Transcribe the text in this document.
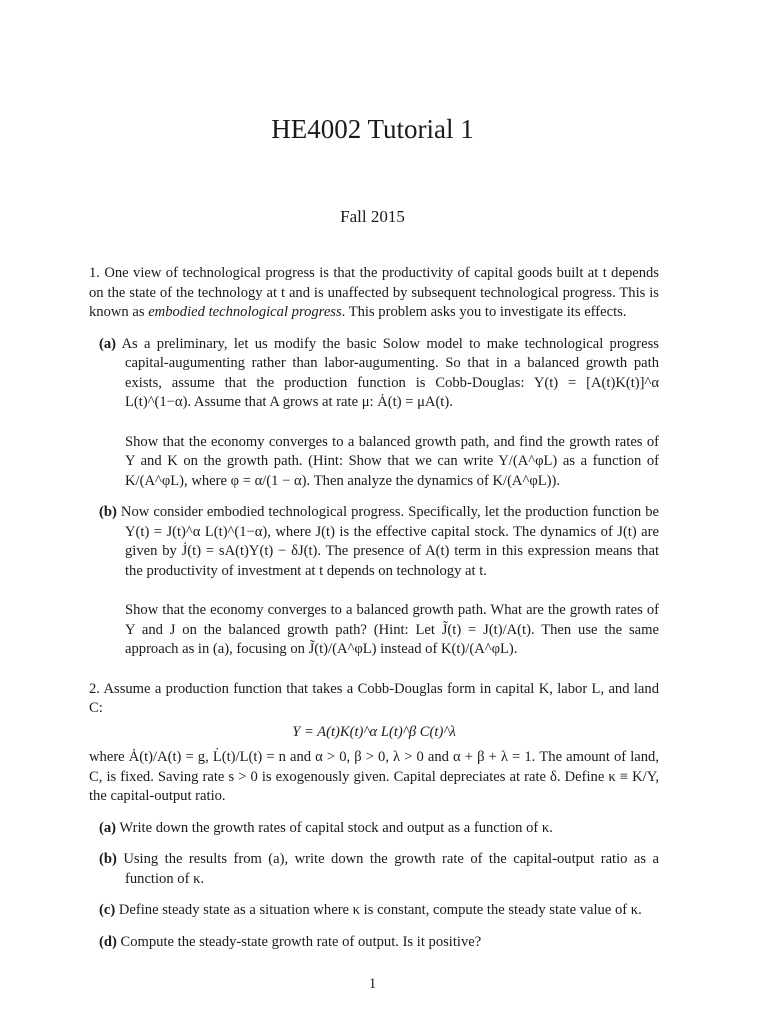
HE4002 Tutorial 1
Fall 2015

1. One view of technological progress is that the productivity of capital goods built at t depends on the state of the technology at t and is unaffected by subsequent technological progress. This is known as embodied technological progress. This problem asks you to investigate its effects.

(a) As a preliminary, let us modify the basic Solow model to make technological progress capital-augumenting rather than labor-augumenting. So that in a balanced growth path exists, assume that the production function is Cobb-Douglas: Y(t) = [A(t)K(t)]^α L(t)^(1−α). Assume that A grows at rate μ: Ȧ(t) = μA(t).

Show that the economy converges to a balanced growth path, and find the growth rates of Y and K on the growth path. (Hint: Show that we can write Y/(A^φL) as a function of K/(A^φL), where φ = α/(1 − α). Then analyze the dynamics of K/(A^φL)).

(b) Now consider embodied technological progress. Specifically, let the production function be Y(t) = J(t)^α L(t)^(1−α), where J(t) is the effective capital stock. The dynamics of J(t) are given by J̇(t) = sA(t)Y(t) − δJ(t). The presence of A(t) term in this expression means that the productivity of investment at t depends on technology at t.

Show that the economy converges to a balanced growth path. What are the growth rates of Y and J on the balanced growth path? (Hint: Let J̃(t) = J(t)/A(t). Then use the same approach as in (a), focusing on J̃(t)/(A^φL) instead of K(t)/(A^φL).

2. Assume a production function that takes a Cobb-Douglas form in capital K, labor L, and land C:

Y = A(t)K(t)^α L(t)^β C(t)^λ

where Ȧ(t)/A(t) = g, L̇(t)/L(t) = n and α > 0, β > 0, λ > 0 and α + β + λ = 1. The amount of land, C, is fixed. Saving rate s > 0 is exogenously given. Capital depreciates at rate δ. Define κ ≡ K/Y, the capital-output ratio.

(a) Write down the growth rates of capital stock and output as a function of κ.

(b) Using the results from (a), write down the growth rate of the capital-output ratio as a function of κ.

(c) Define steady state as a situation where κ is constant, compute the steady state value of κ.

(d) Compute the steady-state growth rate of output. Is it positive?

1
